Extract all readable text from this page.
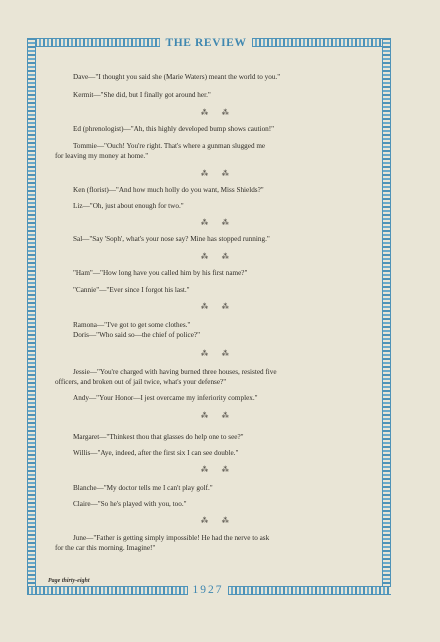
THE REVIEW
Dave—"I thought you said she (Marie Waters) meant the world to you."
Kermit—"She did, but I finally got around her."
⁂ ⁂
Ed (phrenologist)—"Ah, this highly developed bump shows caution!"
Tommie—"Ouch! You're right. That's where a gunman slugged me
for leaving my money at home."
⁂ ⁂
Ken (florist)—"And how much holly do you want, Miss Shields?"
Liz—"Oh, just about enough for two."
⁂ ⁂
Sal—"Say 'Soph', what's your nose say? Mine has stopped running."
⁂ ⁂
"Ham"—"How long have you called him by his first name?"
"Cannie"—"Ever since I forgot his last."
⁂ ⁂
Ramona—"I've got to get some clothes."
Doris—"Who said so—the chief of police?"
⁂ ⁂
Jessie—"You're charged with having burned three houses, resisted five
officers, and broken out of jail twice, what's your defense?"
Andy—"Your Honor—I jest overcame my inferiority complex."
⁂ ⁂
Margaret—"Thinkest thou that glasses do help one to see?"
Willis—"Aye, indeed, after the first six I can see double."
⁂ ⁂
Blanche—"My doctor tells me I can't play golf."
Claire—"So he's played with you, too."
⁂ ⁂
June—"Father is getting simply impossible! He had the nerve to ask
for the car this morning. Imagine!"
Page thirty-eight
1927
